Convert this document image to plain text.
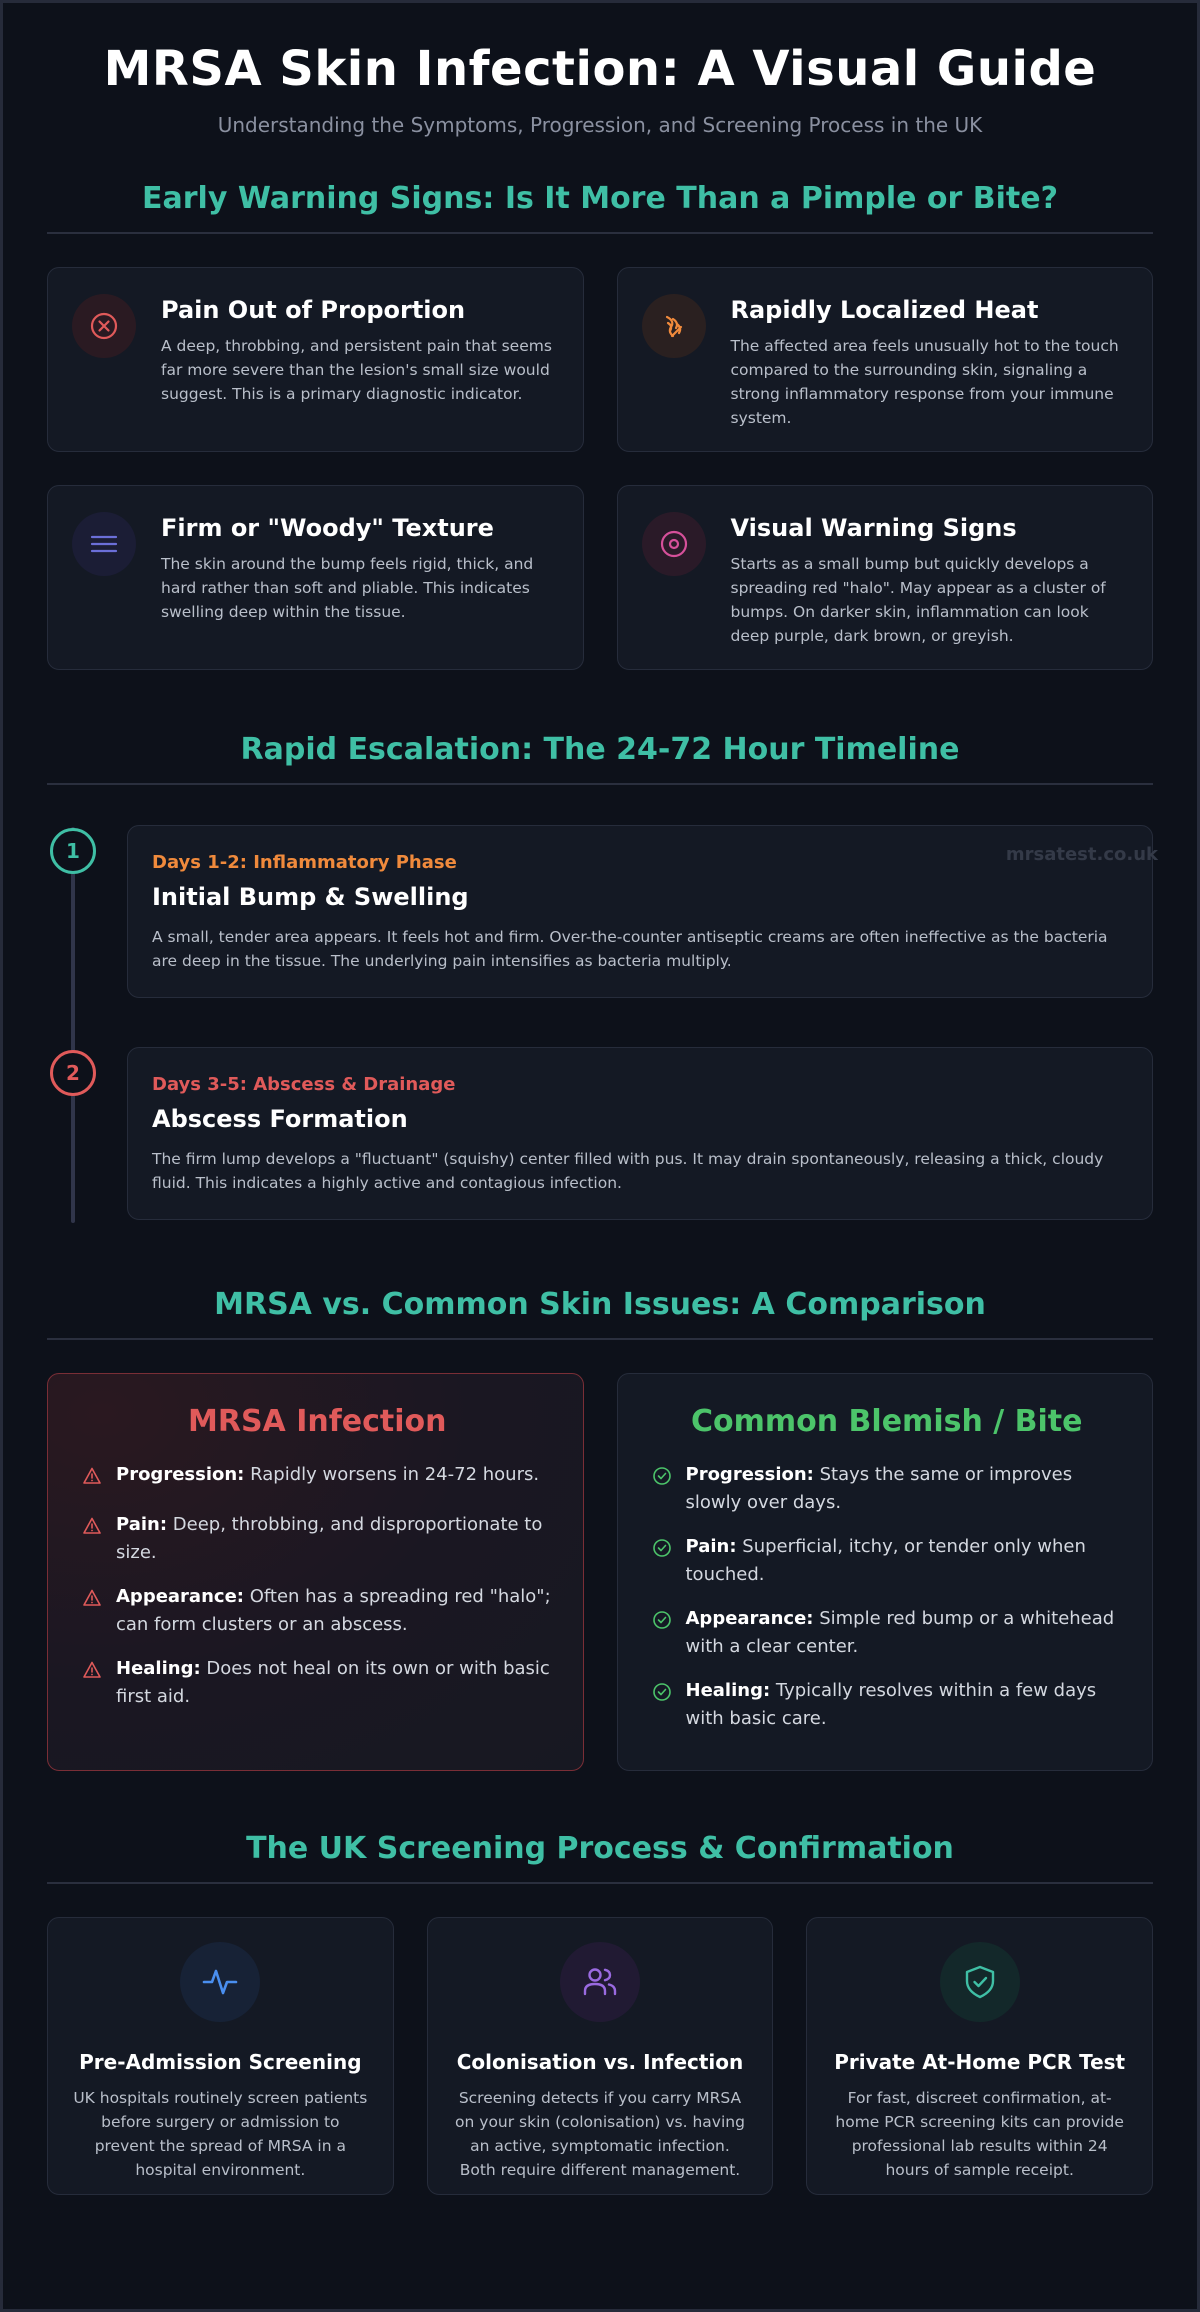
MRSA Skin Infection: A Visual Guide

Understanding the Symptoms, Progression, and Screening Process in the UK

Early Warning Signs: Is It More Than a Pimple or Bite?
Pain Out of Proportion
A deep, throbbing, and persistent pain that seems far more severe than the lesion's small size would suggest. This is a primary diagnostic indicator.
Rapidly Localized Heat
The affected area feels unusually hot to the touch compared to the surrounding skin, signaling a strong inflammatory response from your immune system.
Firm or "Woody" Texture
The skin around the bump feels rigid, thick, and hard rather than soft and pliable. This indicates swelling deep within the tissue.
Visual Warning Signs
Starts as a small bump but quickly develops a spreading red "halo". May appear as a cluster of bumps. On darker skin, inflammation can look deep purple, dark brown, or greyish.
Rapid Escalation: The 24-72 Hour Timeline
1	Days 1-2: Inflammatory Phase
Initial Bump & Swelling
A small, tender area appears. It feels hot and firm. Over-the-counter antiseptic creams are often ineffective as the bacteria are deep in the tissue. The underlying pain intensifies as bacteria multiply.
mrsatest.co.uk
2	Days 3-5: Abscess & Drainage
Abscess Formation
The firm lump develops a "fluctuant" (squishy) center filled with pus. It may drain spontaneously, releasing a thick, cloudy fluid. This indicates a highly active and contagious infection.
MRSA vs. Common Skin Issues: A Comparison
MRSA Infection
Progression: Rapidly worsens in 24-72 hours.
Pain: Deep, throbbing, and disproportionate to size.
Appearance: Often has a spreading red "halo"; can form clusters or an abscess.
Healing: Does not heal on its own or with basic first aid.
Common Blemish / Bite
Progression: Stays the same or improves slowly over days.
Pain: Superficial, itchy, or tender only when touched.
Appearance: Simple red bump or a whitehead with a clear center.
Healing: Typically resolves within a few days with basic care.
The UK Screening Process & Confirmation
Pre-Admission Screening
UK hospitals routinely screen patients before surgery or admission to prevent the spread of MRSA in a hospital environment.
Colonisation vs. Infection
Screening detects if you carry MRSA on your skin (colonisation) vs. having an active, symptomatic infection. Both require different management.
Private At-Home PCR Test
For fast, discreet confirmation, at-home PCR screening kits can provide professional lab results within 24 hours of sample receipt.
